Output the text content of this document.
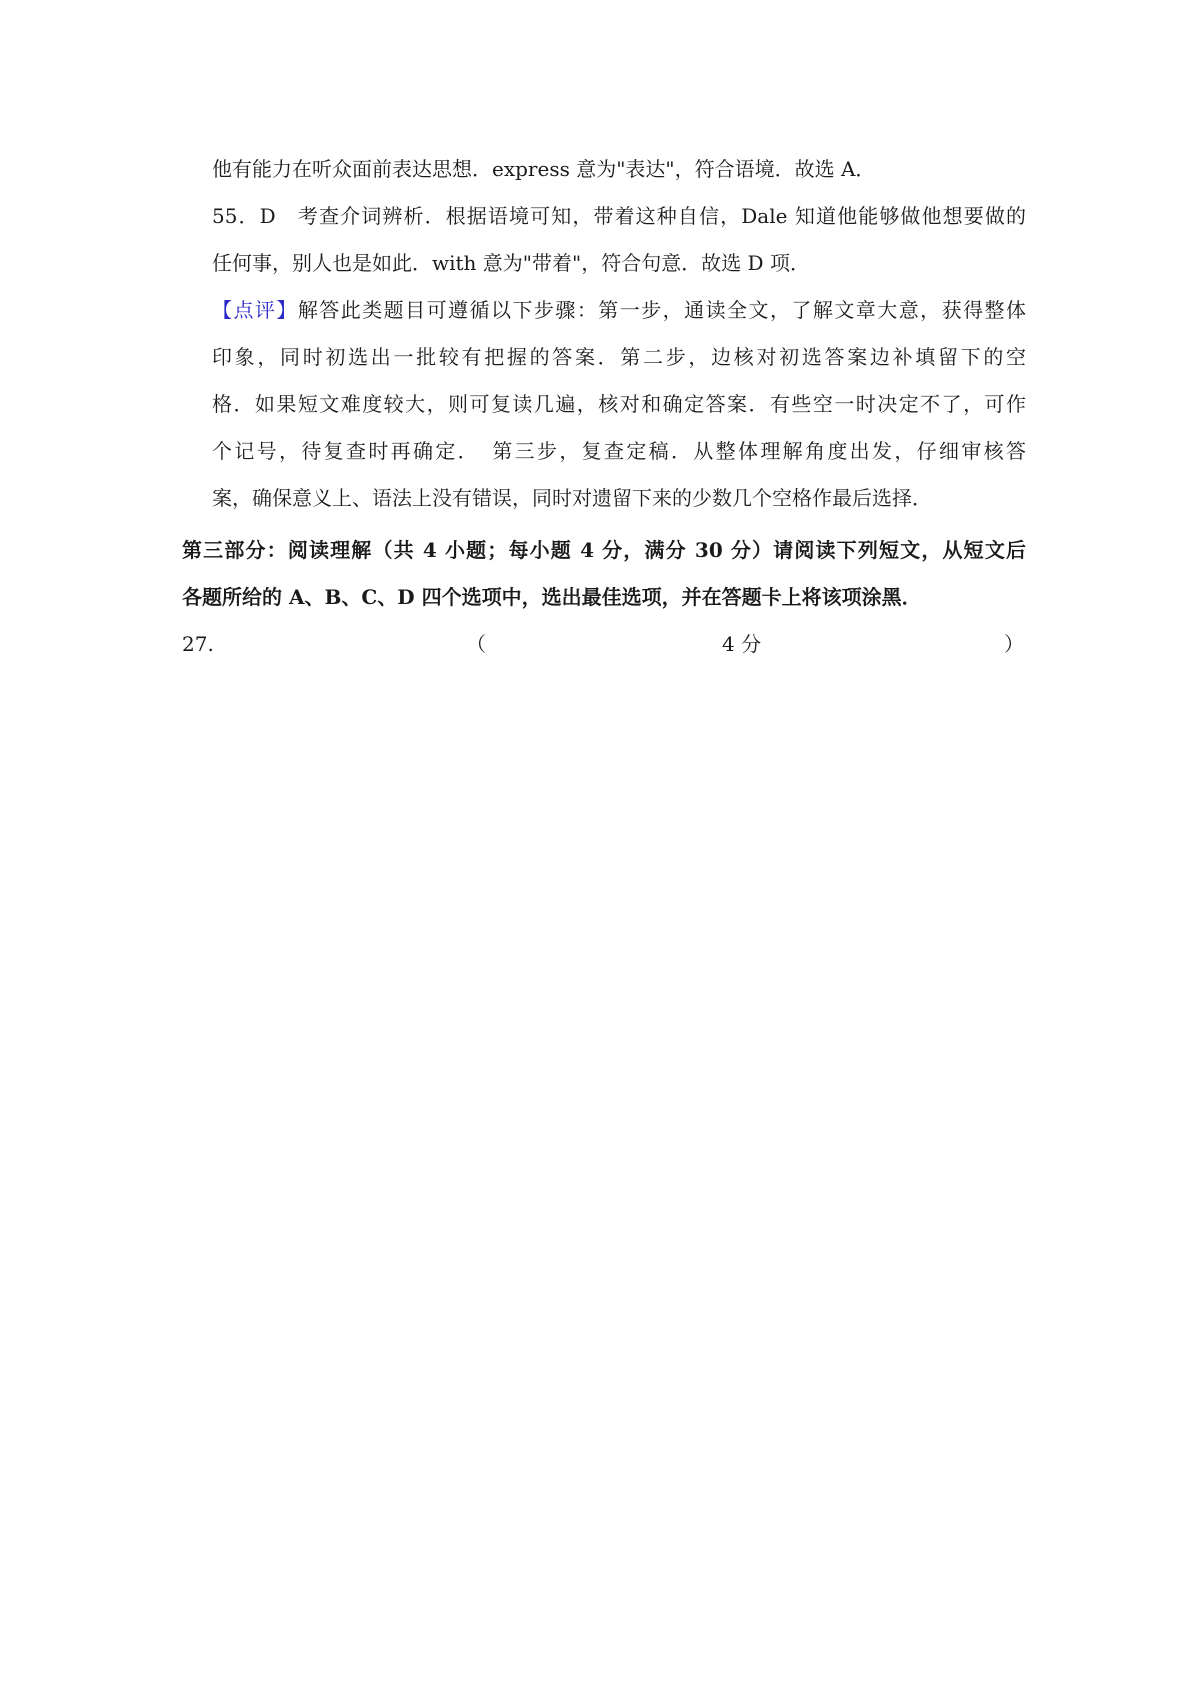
他有能力在听众面前表达思想．express 意为"表达"，符合语境．故选 A．
55．D　考查介词辨析．根据语境可知，带着这种自信，Dale 知道他能够做他想要做的
任何事，别人也是如此．with 意为"带着"，符合句意．故选 D 项．
【点评】解答此类题目可遵循以下步骤：第一步，通读全文，了解文章大意，获得整体
印象，同时初选出一批较有把握的答案．第二步，边核对初选答案边补填留下的空
格．如果短文难度较大，则可复读几遍，核对和确定答案．有些空一时决定不了，可作
个记号，待复查时再确定．　第三步，复查定稿．从整体理解角度出发，仔细审核答
案，确保意义上、语法上没有错误，同时对遗留下来的少数几个空格作最后选择．
第三部分：阅读理解（共 4 小题；每小题 4 分，满分 30 分）请阅读下列短文，从短文后
各题所给的 A、B、C、D 四个选项中，选出最佳选项，并在答题卡上将该项涂黑．
27.	（	4 分	）
